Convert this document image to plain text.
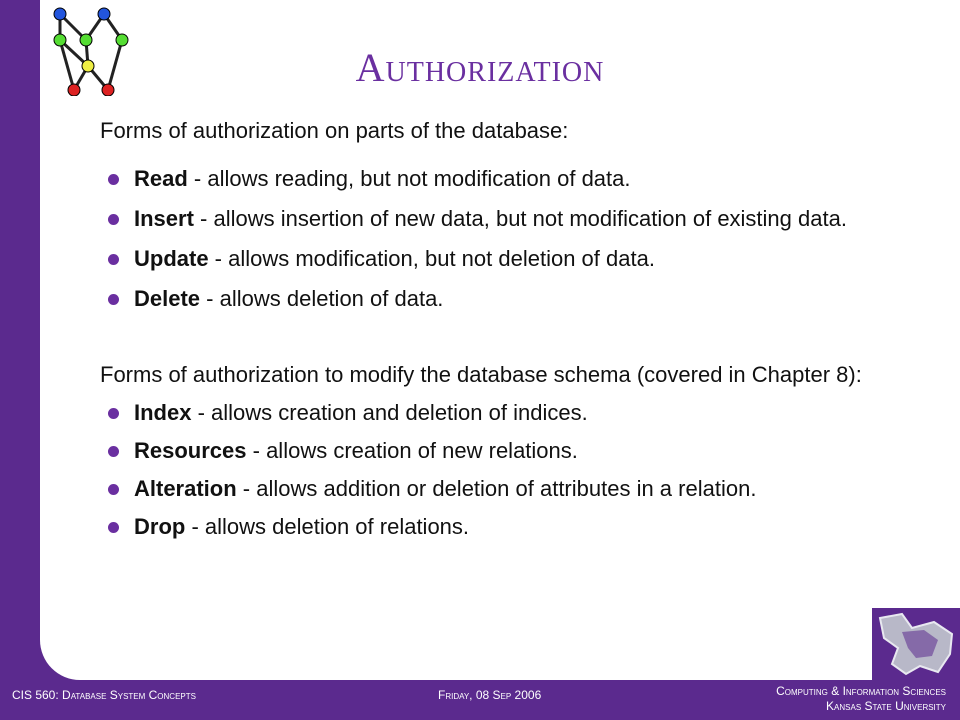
Authorization

Forms of authorization on parts of the database:

Read - allows reading, but not modification of data.
Insert - allows insertion of new data, but not modification of existing data.
Update - allows modification, but not deletion of data.
Delete - allows deletion of data.

Forms of authorization to modify the database schema (covered in Chapter 8):

Index - allows creation and deletion of indices.
Resources - allows creation of new relations.
Alteration - allows addition or deletion of attributes in a relation.
Drop - allows deletion of relations.
CIS 560: Database System Concepts	Friday, 08 Sep 2006	Computing & Information Sciences
Kansas State University
